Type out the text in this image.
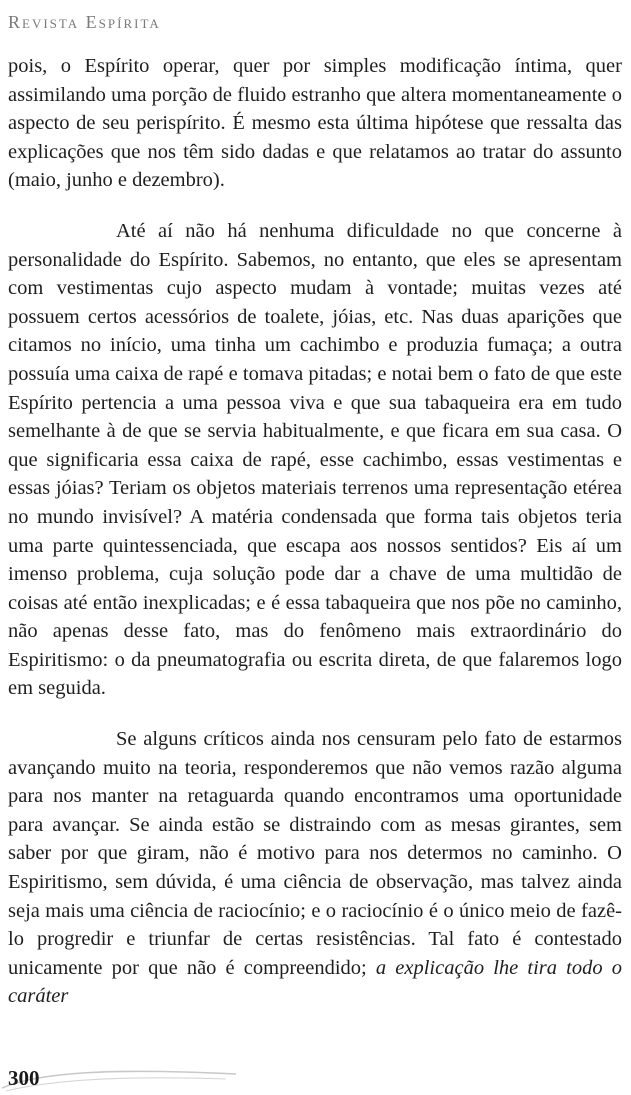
Revista Espírita

pois, o Espírito operar, quer por simples modificação íntima, quer assimilando uma porção de fluido estranho que altera momentaneamente o aspecto de seu perispírito. É mesmo esta última hipótese que ressalta das explicações que nos têm sido dadas e que relatamos ao tratar do assunto (maio, junho e dezembro).

Até aí não há nenhuma dificuldade no que concerne à personalidade do Espírito. Sabemos, no entanto, que eles se apresentam com vestimentas cujo aspecto mudam à vontade; muitas vezes até possuem certos acessórios de toalete, jóias, etc. Nas duas aparições que citamos no início, uma tinha um cachimbo e produzia fumaça; a outra possuía uma caixa de rapé e tomava pitadas; e notai bem o fato de que este Espírito pertencia a uma pessoa viva e que sua tabaqueira era em tudo semelhante à de que se servia habitualmente, e que ficara em sua casa. O que significaria essa caixa de rapé, esse cachimbo, essas vestimentas e essas jóias? Teriam os objetos materiais terrenos uma representação etérea no mundo invisível? A matéria condensada que forma tais objetos teria uma parte quintessenciada, que escapa aos nossos sentidos? Eis aí um imenso problema, cuja solução pode dar a chave de uma multidão de coisas até então inexplicadas; e é essa tabaqueira que nos põe no caminho, não apenas desse fato, mas do fenômeno mais extraordinário do Espiritismo: o da pneumatografia ou escrita direta, de que falaremos logo em seguida.

Se alguns críticos ainda nos censuram pelo fato de estarmos avançando muito na teoria, responderemos que não vemos razão alguma para nos manter na retaguarda quando encontramos uma oportunidade para avançar. Se ainda estão se distraindo com as mesas girantes, sem saber por que giram, não é motivo para nos determos no caminho. O Espiritismo, sem dúvida, é uma ciência de observação, mas talvez ainda seja mais uma ciência de raciocínio; e o raciocínio é o único meio de fazê-lo progredir e triunfar de certas resistências. Tal fato é contestado unicamente por que não é compreendido; a explicação lhe tira todo o caráter

300
